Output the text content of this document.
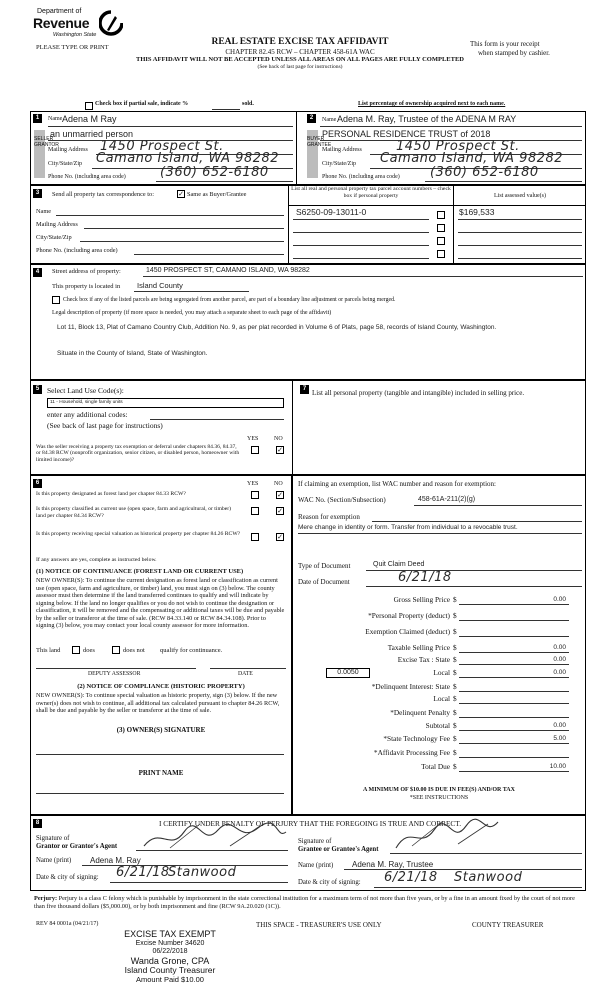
Department of
Revenue
Washington State
PLEASE TYPE OR PRINT
REAL ESTATE EXCISE TAX AFFIDAVIT
CHAPTER 82.45 RCW – CHAPTER 458-61A WAC
THIS AFFIDAVIT WILL NOT BE ACCEPTED UNLESS ALL AREAS ON ALL PAGES ARE FULLY COMPLETED
(See back of last page for instructions)
This form is your receipt
when stamped by cashier.
Check box if partial sale, indicate %	sold.	List percentage of ownership acquired next to each name.
1
SELLER GRANTOR
Name Adena M Ray
an unmarried person
Mailing Address 1450 Prospect St.
City/State/Zip Camano Island, WA 98282
Phone No. (including area code)	(360) 652-6180
2
BUYER GRANTEE
Name Adena M. Ray, Trustee of the ADENA M RAY
PERSONAL RESIDENCE TRUST of 2018
Mailing Address	1450 Prospect St.
City/State/Zip Camano Island, WA 98282
Phone No. (including area code) (360) 652-6180
3	Send all property tax correspondence to:	✓ Same as Buyer/Grantee
Name
Mailing Address
City/State/Zip
Phone No. (including area code)
List all real and personal property tax parcel account numbers – check box if personal property	List assessed value(s)
S6250-09-13011-0	$169,533
4	Street address of property:	1450 PROSPECT ST, CAMANO ISLAND, WA 98282
This property is located in Island County
Check box if any of the listed parcels are being segregated from another parcel, are part of a boundary line adjustment or parcels being merged.
Legal description of property (if more space is needed, you may attach a separate sheet to each page of the affidavit)
Lot 11, Block 13, Plat of Camano Country Club, Addition No. 9, as per plat recorded in Volume 6 of Plats, page 58, records of Island County, Washington.
Situate in the County of Island, State of Washington.
5	Select Land Use Code(s):
11 - Household, single family units
enter any additional codes:
(See back of last page for instructions)
YES	NO
Was the seller receiving a property tax exemption or deferral under chapters 84.36, 84.37, or 84.38 RCW (nonprofit organization, senior citizen, or disabled person, homeowner with limited income)?
✓
7 List all personal property (tangible and intangible) included in selling price.
6	YES	NO
Is this property designated as forest land per chapter 84.33 RCW?	✓
Is this property classified as current use (open space, farm and agricultural, or timber) land per chapter 84.34 RCW?
✓
Is this property receiving special valuation as historical property per chapter 84.26 RCW?	✓
If any answers are yes, complete as instructed below.
(1) NOTICE OF CONTINUANCE (FOREST LAND OR CURRENT USE)
NEW OWNER(S): To continue the current designation as forest land or classification as current use (open space, farm and agriculture, or timber) land, you must sign on (3) below. The county assessor must then determine if the land transferred continues to qualify and will indicate by signing below. If the land no longer qualifies or you do not wish to continue the designation or classification, it will be removed and the compensating or additional taxes will be due and payable by the seller or transferor at the time of sale. (RCW 84.33.140 or RCW 84.34.108). Prior to signing (3) below, you may contact your local county assessor for more information.
This land	does	does not qualify for continuance.
DEPUTY ASSESSOR	DATE
(2) NOTICE OF COMPLIANCE (HISTORIC PROPERTY)
NEW OWNER(S): To continue special valuation as historic property, sign (3) below. If the new owner(s) does not wish to continue, all additional tax calculated pursuant to chapter 84.26 RCW, shall be due and payable by the seller or transferor at the time of sale.
(3) OWNER(S) SIGNATURE
PRINT NAME
If claiming an exemption, list WAC number and reason for exemption:
WAC No. (Section/Subsection)	458-61A-211(2)(g)
Reason for exemption
Mere change in identity or form. Transfer from individual to a revocable trust.
Type of Document	Quit Claim Deed
Date of Document	6/21/18
Gross Selling Price $	0.00
*Personal Property (deduct) $
Exemption Claimed (deduct) $
Taxable Selling Price $	0.00
Excise Tax : State $	0.00
Local $	0.00
*Delinquent Interest: State $
Local $
*Delinquent Penalty $
Subtotal $	0.00
*State Technology Fee $	5.00
*Affidavit Processing Fee $
Total Due $	10.00
0.0050
A MINIMUM OF $10.00 IS DUE IN FEE(S) AND/OR TAX
*SEE INSTRUCTIONS
8	I CERTIFY UNDER PENALTY OF PERJURY THAT THE FOREGOING IS TRUE AND CORRECT.
Signature of
Grantor or Grantor's Agent
Name (print) Adena M. Ray
Date & city of signing: 6/21/18
Stanwood
Signature of
Grantee or Grantee's Agent
Name (print) Adena M. Ray, Trustee
Date & city of signing: 6/21/18 Stanwood
Perjury: Perjury is a class C felony which is punishable by imprisonment in the state correctional institution for a maximum term of not more than five years, or by a fine in an amount fixed by the court of not more than five thousand dollars ($5,000.00), or by both imprisonment and fine (RCW 9A.20.020 (1C)).
REV 84 0001a (04/21/17)	THIS SPACE - TREASURER'S USE ONLY	COUNTY TREASURER
EXCISE TAX EXEMPT
Excise Number 34620
06/22/2018
Wanda Grone, CPA
Island County Treasurer
Amount Paid $10.00
